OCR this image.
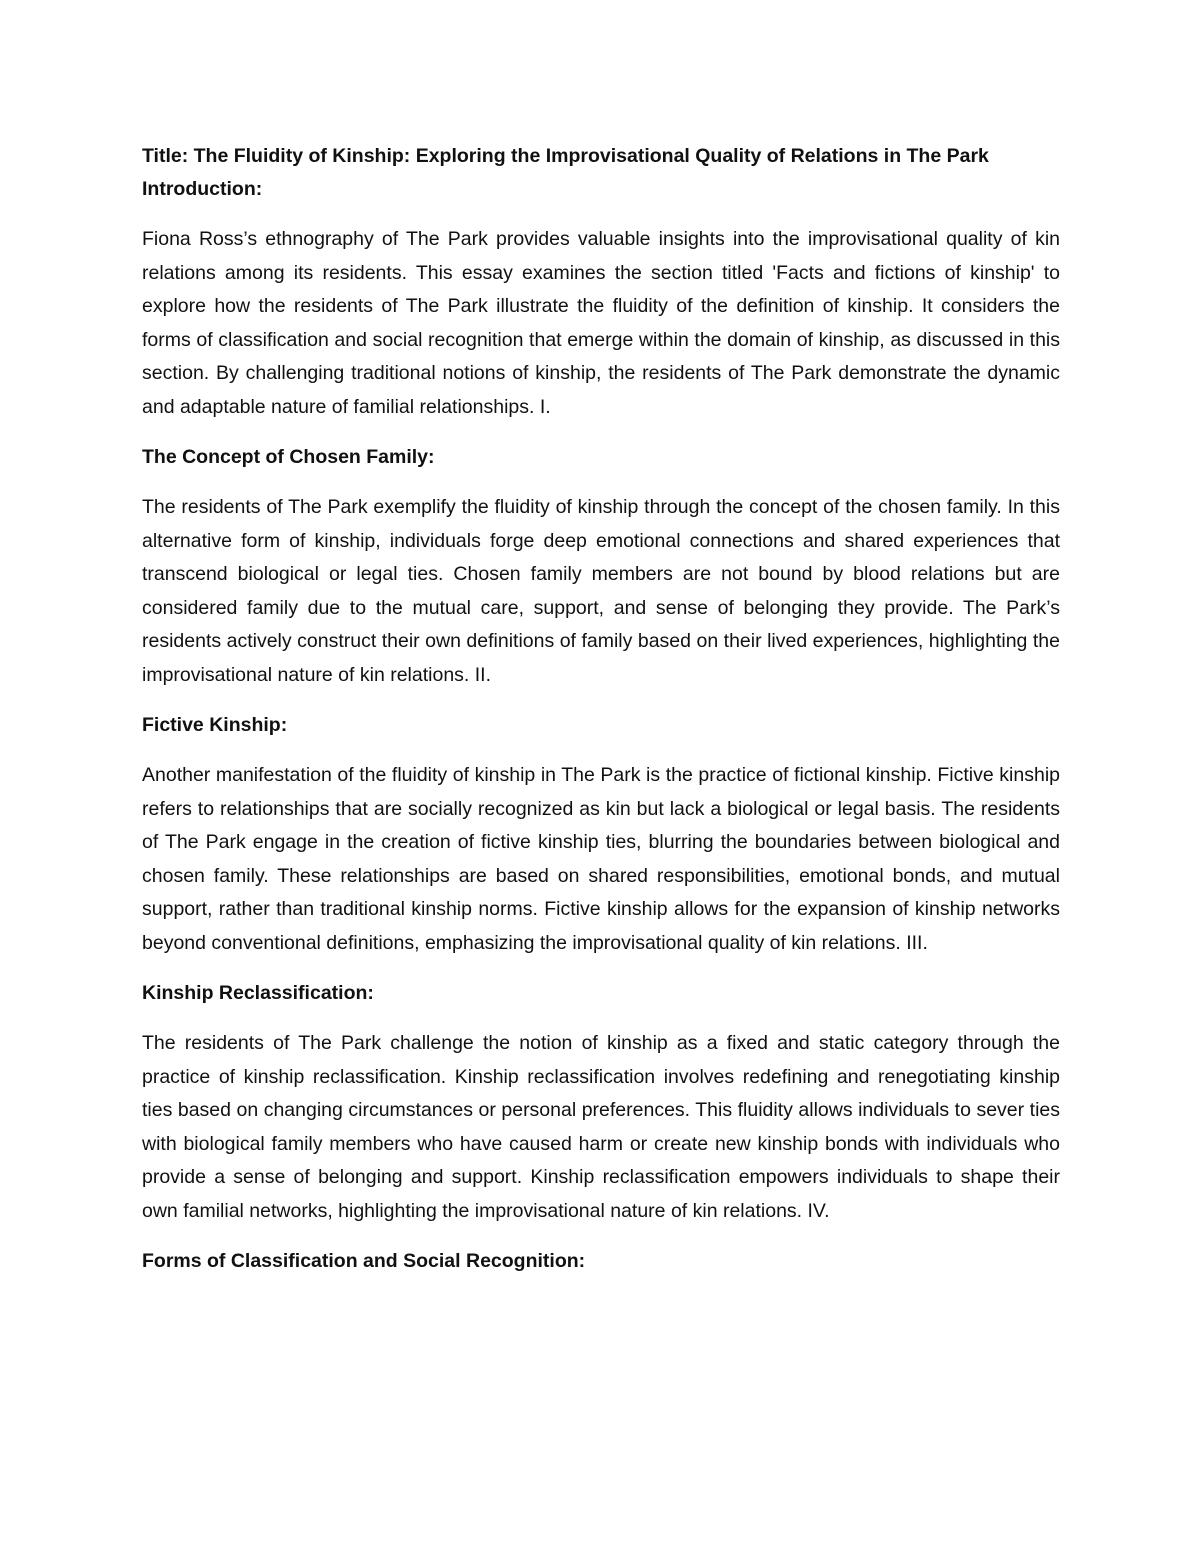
Title: The Fluidity of Kinship: Exploring the Improvisational Quality of Relations in The Park

Introduction:

Fiona Ross’s ethnography of The Park provides valuable insights into the improvisational quality of kin relations among its residents. This essay examines the section titled 'Facts and fictions of kinship' to explore how the residents of The Park illustrate the fluidity of the definition of kinship. It considers the forms of classification and social recognition that emerge within the domain of kinship, as discussed in this section. By challenging traditional notions of kinship, the residents of The Park demonstrate the dynamic and adaptable nature of familial relationships. I.

The Concept of Chosen Family:

The residents of The Park exemplify the fluidity of kinship through the concept of the chosen family. In this alternative form of kinship, individuals forge deep emotional connections and shared experiences that transcend biological or legal ties. Chosen family members are not bound by blood relations but are considered family due to the mutual care, support, and sense of belonging they provide. The Park’s residents actively construct their own definitions of family based on their lived experiences, highlighting the improvisational nature of kin relations. II.

Fictive Kinship:

Another manifestation of the fluidity of kinship in The Park is the practice of fictional kinship. Fictive kinship refers to relationships that are socially recognized as kin but lack a biological or legal basis. The residents of The Park engage in the creation of fictive kinship ties, blurring the boundaries between biological and chosen family. These relationships are based on shared responsibilities, emotional bonds, and mutual support, rather than traditional kinship norms. Fictive kinship allows for the expansion of kinship networks beyond conventional definitions, emphasizing the improvisational quality of kin relations. III.

Kinship Reclassification:

The residents of The Park challenge the notion of kinship as a fixed and static category through the practice of kinship reclassification. Kinship reclassification involves redefining and renegotiating kinship ties based on changing circumstances or personal preferences. This fluidity allows individuals to sever ties with biological family members who have caused harm or create new kinship bonds with individuals who provide a sense of belonging and support. Kinship reclassification empowers individuals to shape their own familial networks, highlighting the improvisational nature of kin relations. IV.

Forms of Classification and Social Recognition:
